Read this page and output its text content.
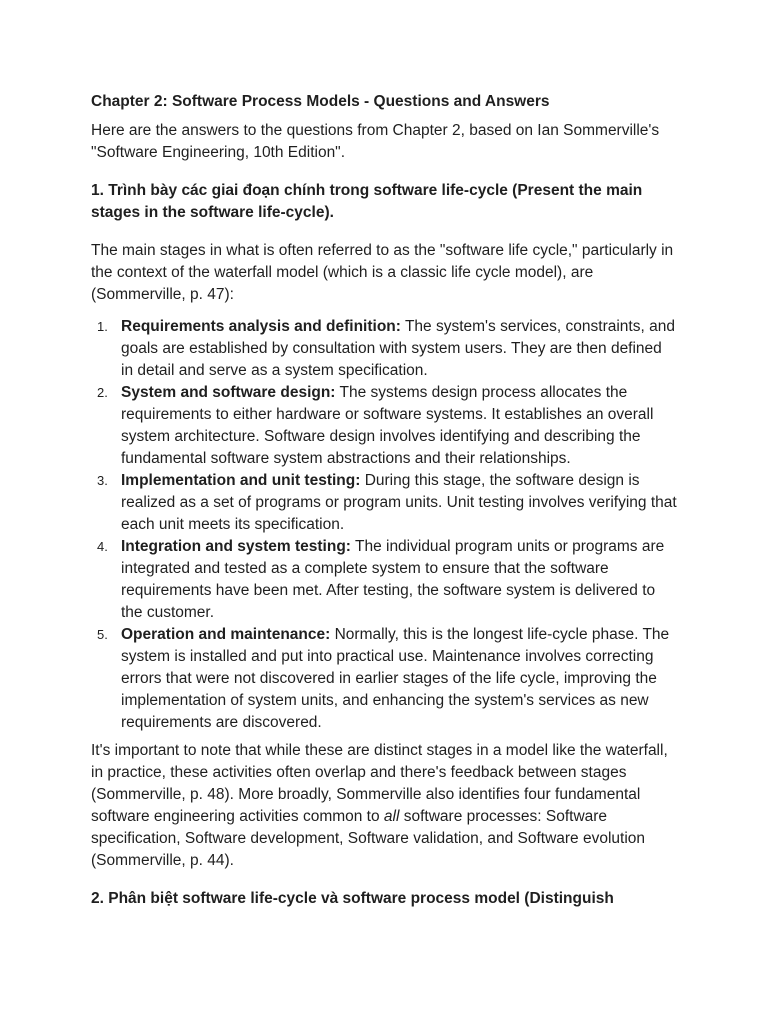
Chapter 2: Software Process Models - Questions and Answers

Here are the answers to the questions from Chapter 2, based on Ian Sommerville's "Software Engineering, 10th Edition".

1. Trình bày các giai đoạn chính trong software life-cycle (Present the main stages in the software life-cycle).

The main stages in what is often referred to as the "software life cycle," particularly in the context of the waterfall model (which is a classic life cycle model), are (Sommerville, p. 47):

1. Requirements analysis and definition: The system's services, constraints, and goals are established by consultation with system users. They are then defined in detail and serve as a system specification.
2. System and software design: The systems design process allocates the requirements to either hardware or software systems. It establishes an overall system architecture. Software design involves identifying and describing the fundamental software system abstractions and their relationships.
3. Implementation and unit testing: During this stage, the software design is realized as a set of programs or program units. Unit testing involves verifying that each unit meets its specification.
4. Integration and system testing: The individual program units or programs are integrated and tested as a complete system to ensure that the software requirements have been met. After testing, the software system is delivered to the customer.
5. Operation and maintenance: Normally, this is the longest life-cycle phase. The system is installed and put into practical use. Maintenance involves correcting errors that were not discovered in earlier stages of the life cycle, improving the implementation of system units, and enhancing the system's services as new requirements are discovered.

It's important to note that while these are distinct stages in a model like the waterfall, in practice, these activities often overlap and there's feedback between stages (Sommerville, p. 48). More broadly, Sommerville also identifies four fundamental software engineering activities common to all software processes: Software specification, Software development, Software validation, and Software evolution (Sommerville, p. 44).

2. Phân biệt software life-cycle và software process model (Distinguish
